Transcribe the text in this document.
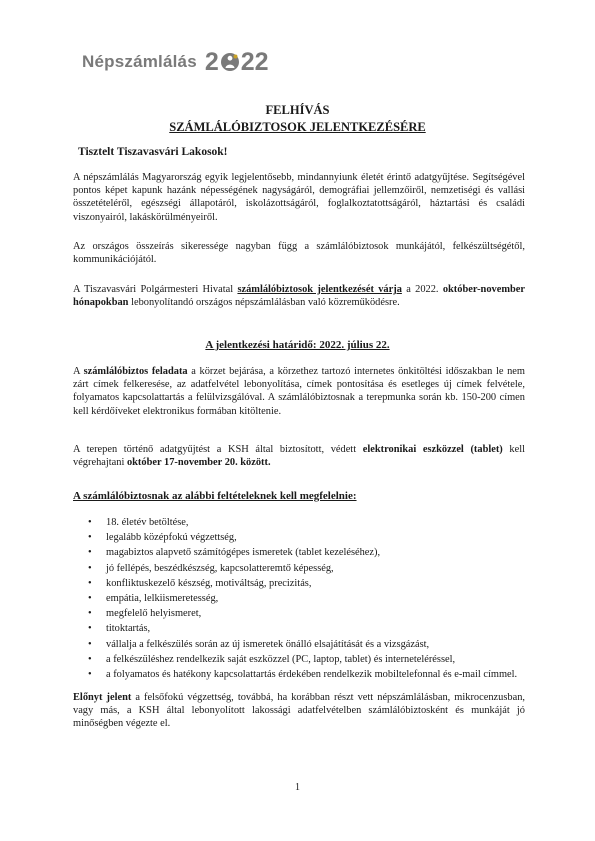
Népszámlálás 2 22
FELHÍVÁS
SZÁMLÁLÓBIZTOSOK JELENTKEZÉSÉRE
Tisztelt Tiszavasvári Lakosok!
A népszámlálás Magyarország egyik legjelentősebb, mindannyiunk életét érintő adatgyűjtése. Segítségével pontos képet kapunk hazánk népességének nagyságáról, demográfiai jellemzőiről, nemzetiségi és vallási összetételéről, egészségi állapotáról, iskolázottságáról, foglalkoztatottságáról, háztartási és családi viszonyairól, lakáskörülményeiről.
Az országos összeírás sikeressége nagyban függ a számlálóbiztosok munkájától, felkészültségétől, kommunikációjától.
A Tiszavasvári Polgármesteri Hivatal számlálóbiztosok jelentkezését várja a 2022. október-november hónapokban lebonyolítandó országos népszámlálásban való közreműködésre.
A jelentkezési határidő: 2022. július 22.
A számlálóbiztos feladata a körzet bejárása, a körzethez tartozó internetes önkitöltési időszakban le nem zárt címek felkeresése, az adatfelvétel lebonyolítása, címek pontosítása és esetleges új címek felvétele, folyamatos kapcsolattartás a felülvizsgálóval. A számlálóbiztosnak a terepmunka során kb. 150-200 címen kell kérdőíveket elektronikus formában kitöltenie.
A terepen történő adatgyűjtést a KSH által biztosított, védett elektronikai eszközzel (tablet) kell végrehajtani október 17-november 20. között.
A számlálóbiztosnak az alábbi feltételeknek kell megfelelnie:
• 18. életév betöltése,
• legalább középfokú végzettség,
• magabiztos alapvető számítógépes ismeretek (tablet kezeléséhez),
• jó fellépés, beszédkészség, kapcsolatteremtő képesség,
• konfliktuskezelő készség, motiváltság, precizitás,
• empátia, lelkiismeretesség,
• megfelelő helyismeret,
• titoktartás,
• vállalja a felkészülés során az új ismeretek önálló elsajátítását és a vizsgázást,
• a felkészüléshez rendelkezik saját eszközzel (PC, laptop, tablet) és interneteléréssel,
• a folyamatos és hatékony kapcsolattartás érdekében rendelkezik mobiltelefonnal és e-mail címmel.
Előnyt jelent a felsőfokú végzettség, továbbá, ha korábban részt vett népszámlálásban, mikrocenzusban, vagy más, a KSH által lebonyolított lakossági adatfelvételben számlálóbiztosként és munkáját jó minőségben végezte el.
1
